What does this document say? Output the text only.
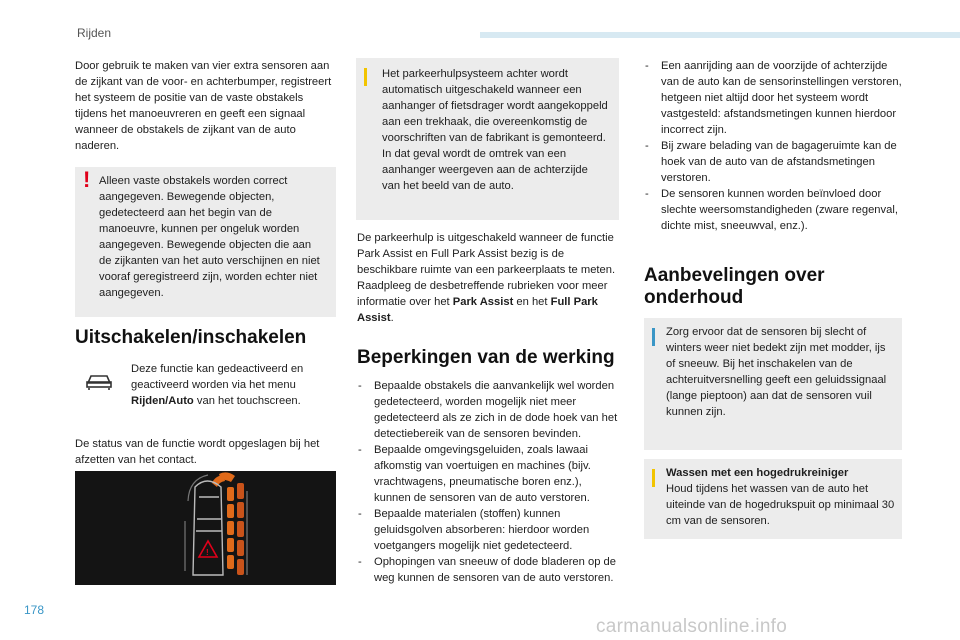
Rijden

Door gebruik te maken van vier extra sensoren aan de zijkant van de voor- en achterbumper, registreert het systeem de positie van de vaste obstakels tijdens het manoeuvreren en geeft een signaal wanneer de obstakels de zijkant van de auto naderen.

! Alleen vaste obstakels worden correct aangegeven. Bewegende objecten, gedetecteerd aan het begin van de manoeuvre, kunnen per ongeluk worden aangegeven. Bewegende objecten die aan de zijkanten van het auto verschijnen en niet vooraf geregistreerd zijn, worden echter niet aangegeven.

Uitschakelen/inschakelen

Deze functie kan gedeactiveerd en geactiveerd worden via het menu Rijden/Auto van het touchscreen.

De status van de functie wordt opgeslagen bij het afzetten van het contact.

!

Het parkeerhulpsysteem achter wordt automatisch uitgeschakeld wanneer een aanhanger of fietsdrager wordt aangekoppeld aan een trekhaak, die overeenkomstig de voorschriften van de fabrikant is gemonteerd.

In dat geval wordt de omtrek van een aanhanger weergeven aan de achterzijde van het beeld van de auto.

De parkeerhulp is uitgeschakeld wanneer de functie Park Assist en Full Park Assist bezig is de beschikbare ruimte van een parkeerplaats te meten.

Raadpleeg de desbetreffende rubrieken voor meer informatie over het Park Assist en het Full Park Assist.

Beperkingen van de werking
- Bepaalde obstakels die aanvankelijk wel worden gedetecteerd, worden mogelijk niet meer gedetecteerd als ze zich in de dode hoek van het detectiebereik van de sensoren bevinden.
- Bepaalde omgevingsgeluiden, zoals lawaai afkomstig van voertuigen en machines (bijv. vrachtwagens, pneumatische boren enz.), kunnen de sensoren van de auto verstoren.
- Bepaalde materialen (stoffen) kunnen geluidsgolven absorberen: hierdoor worden voetgangers mogelijk niet gedetecteerd.
- Ophopingen van sneeuw of dode bladeren op de weg kunnen de sensoren van de auto verstoren.
- Een aanrijding aan de voorzijde of achterzijde van de auto kan de sensorinstellingen verstoren, hetgeen niet altijd door het systeem wordt vastgesteld: afstandsmetingen kunnen hierdoor incorrect zijn.
- Bij zware belading van de bagageruimte kan de hoek van de auto van de afstandsmetingen verstoren.
- De sensoren kunnen worden beïnvloed door slechte weersomstandigheden (zware regenval, dichte mist, sneeuwval, enz.).
Aanbevelingen over
onderhoud

Zorg ervoor dat de sensoren bij slecht of winters weer niet bedekt zijn met modder, ijs of sneeuw. Bij het inschakelen van de achteruitversnelling geeft een geluidssignaal (lange pieptoon) aan dat de sensoren vuil kunnen zijn.

Wassen met een hogedrukreiniger

Houd tijdens het wassen van de auto het uiteinde van de hogedrukspuit op minimaal 30 cm van de sensoren.

178
carmanualsonline.info
